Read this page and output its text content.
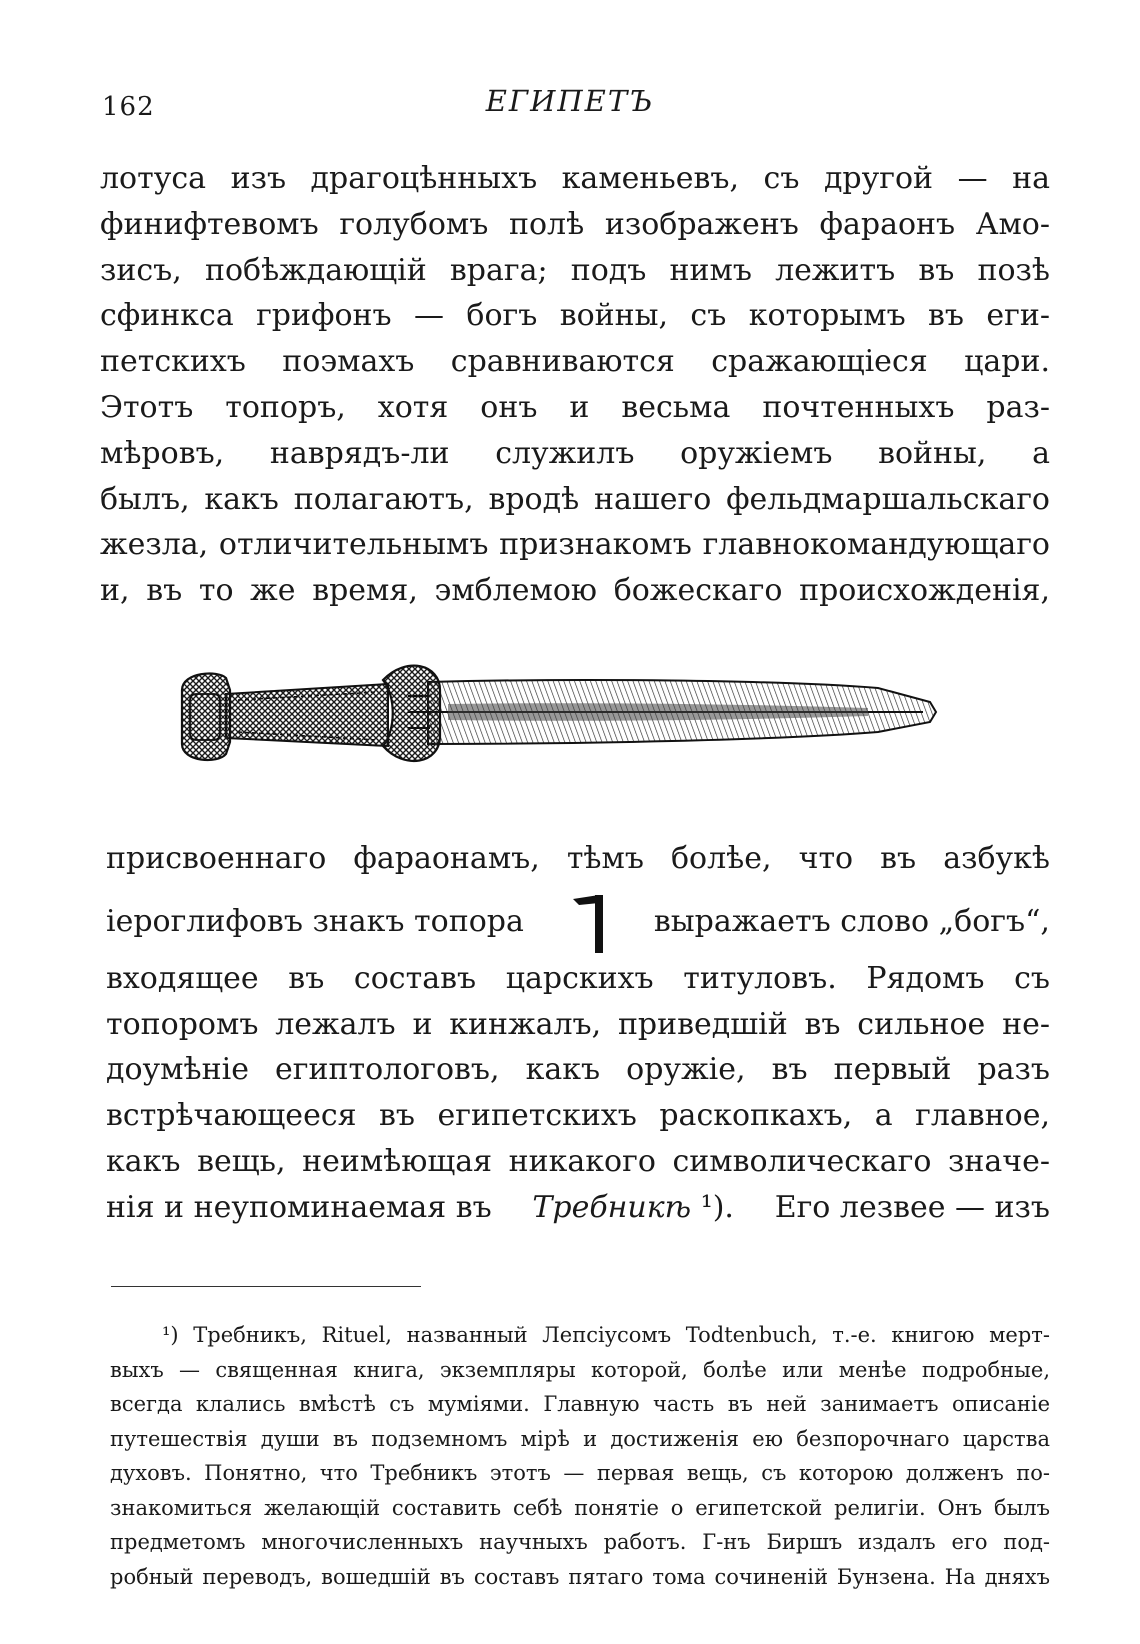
162	ЕГИПЕТЪ
лотуса изъ драгоцѣнныхъ каменьевъ, съ другой — на
финифтевомъ голубомъ полѣ изображенъ фараонъ Амо-
зисъ, побѣждающій врага; подъ нимъ лежитъ въ позѣ
сфинкса грифонъ — богъ войны, съ которымъ въ еги-
петскихъ поэмахъ сравниваются сражающіеся цари.
Этотъ топоръ, хотя онъ и весьма почтенныхъ раз-
мѣровъ, наврядъ-ли служилъ оружіемъ войны, а
былъ, какъ полагаютъ, вродѣ нашего фельдмаршальскаго
жезла, отличительнымъ признакомъ главнокомандующаго
и, въ то же время, эмблемою божескаго происхожденія,
присвоеннаго фараонамъ, тѣмъ болѣе, что въ азбукѣ
іероглифовъ знакъ топора	выражаетъ слово „богъ“,
входящее въ составъ царскихъ титуловъ. Рядомъ съ
топоромъ лежалъ и кинжалъ, приведшій въ сильное не-
доумѣніе египтологовъ, какъ оружіе, въ первый разъ
встрѣчающееся въ египетскихъ раскопкахъ, а главное,
какъ вещь, неимѣющая никакого символическаго значе-
нія и неупоминаемая въ Требникѣ ¹). Его лезвее — изъ
¹) Требникъ, Rituel, названный Лепсіусомъ Todtenbuch, т.-е. книгою мерт-
выхъ — священная книга, экземпляры которой, болѣе или менѣе подробные,
всегда клались вмѣстѣ съ муміями. Главную часть въ ней занимаетъ описаніе
путешествія души въ подземномъ мірѣ и достиженія ею безпорочнаго царства
духовъ. Понятно, что Требникъ этотъ — первая вещь, съ которою долженъ по-
знакомиться желающій составить себѣ понятіе о египетской религіи. Онъ былъ
предметомъ многочисленныхъ научныхъ работъ. Г-нъ Биршъ издалъ его под-
робный переводъ, вошедшій въ составъ пятаго тома сочиненій Бунзена. На дняхъ
